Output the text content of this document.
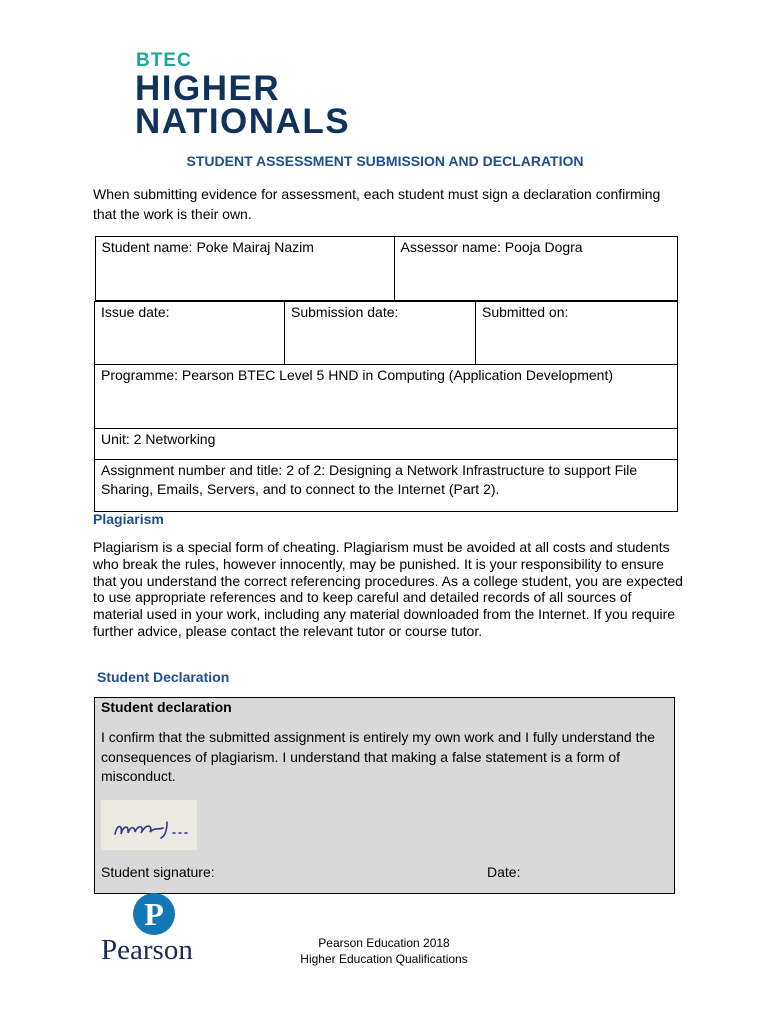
BTEC
HIGHER
NATIONALS
STUDENT ASSESSMENT SUBMISSION AND DECLARATION
When submitting evidence for assessment, each student must sign a declaration confirming that the work is their own.
Student name: Poke Mairaj Nazim	Assessor name: Pooja Dogra

Issue date:	Submission date:	Submitted on:
Programme: Pearson BTEC Level 5 HND in Computing (Application Development)
Unit: 2 Networking
Assignment number and title: 2 of 2: Designing a Network Infrastructure to support File Sharing, Emails, Servers, and to connect to the Internet (Part 2).
Plagiarism
Plagiarism is a special form of cheating. Plagiarism must be avoided at all costs and students who break the rules, however innocently, may be punished. It is your responsibility to ensure that you understand the correct referencing procedures. As a college student, you are expected to use appropriate references and to keep careful and detailed records of all sources of material used in your work, including any material downloaded from the Internet. If you require further advice, please contact the relevant tutor or course tutor.
Student Declaration
Student declaration
I confirm that the submitted assignment is entirely my own work and I fully understand the consequences of plagiarism. I understand that making a false statement is a form of misconduct.
Student signature:	Date:
P
Pearson	Pearson Education 2018
Higher Education Qualifications
